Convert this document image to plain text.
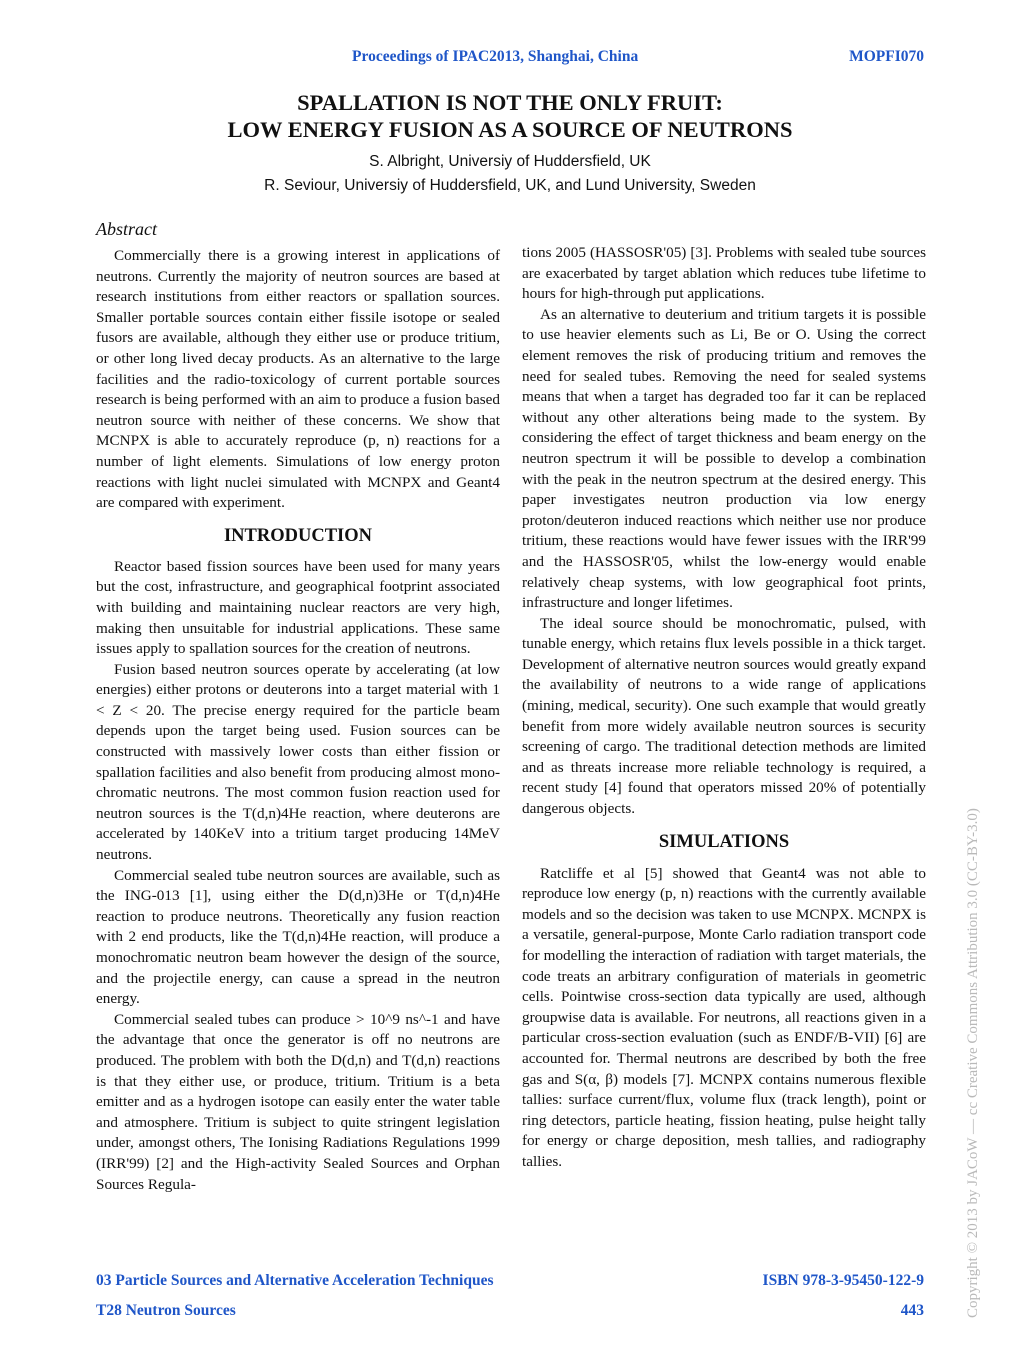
Proceedings of IPAC2013, Shanghai, China	MOPFI070
SPALLATION IS NOT THE ONLY FRUIT:
LOW ENERGY FUSION AS A SOURCE OF NEUTRONS
S. Albright, Universiy of Huddersfield, UK
R. Seviour, Universiy of Huddersfield, UK, and Lund University, Sweden
Abstract

Commercially there is a growing interest in applications of neutrons. Currently the majority of neutron sources are based at research institutions from either reactors or spallation sources. Smaller portable sources contain either fissile isotope or sealed fusors are available, although they either use or produce tritium, or other long lived decay products. As an alternative to the large facilities and the radio-toxicology of current portable sources research is being performed with an aim to produce a fusion based neutron source with neither of these concerns. We show that MCNPX is able to accurately reproduce (p, n) reactions for a number of light elements. Simulations of low energy proton reactions with light nuclei simulated with MCNPX and Geant4 are compared with experiment.

INTRODUCTION

Reactor based fission sources have been used for many years but the cost, infrastructure, and geographical footprint associated with building and maintaining nuclear reactors are very high, making then unsuitable for industrial applications. These same issues apply to spallation sources for the creation of neutrons.

Fusion based neutron sources operate by accelerating (at low energies) either protons or deuterons into a target material with 1 < Z < 20. The precise energy required for the particle beam depends upon the target being used. Fusion sources can be constructed with massively lower costs than either fission or spallation facilities and also benefit from producing almost mono-chromatic neutrons. The most common fusion reaction used for neutron sources is the T(d,n)4He reaction, where deuterons are accelerated by 140KeV into a tritium target producing 14MeV neutrons.

Commercial sealed tube neutron sources are available, such as the ING-013 [1], using either the D(d,n)3He or T(d,n)4He reaction to produce neutrons. Theoretically any fusion reaction with 2 end products, like the T(d,n)4He reaction, will produce a monochromatic neutron beam however the design of the source, and the projectile energy, can cause a spread in the neutron energy.

Commercial sealed tubes can produce > 10^9 ns^-1 and have the advantage that once the generator is off no neutrons are produced. The problem with both the D(d,n) and T(d,n) reactions is that they either use, or produce, tritium. Tritium is a beta emitter and as a hydrogen isotope can easily enter the water table and atmosphere. Tritium is subject to quite stringent legislation under, amongst others, The Ionising Radiations Regulations 1999 (IRR'99) [2] and the High-activity Sealed Sources and Orphan Sources Regula-

tions 2005 (HASSOSR'05) [3]. Problems with sealed tube sources are exacerbated by target ablation which reduces tube lifetime to hours for high-through put applications.

As an alternative to deuterium and tritium targets it is possible to use heavier elements such as Li, Be or O. Using the correct element removes the risk of producing tritium and removes the need for sealed tubes. Removing the need for sealed systems means that when a target has degraded too far it can be replaced without any other alterations being made to the system. By considering the effect of target thickness and beam energy on the neutron spectrum it will be possible to develop a combination with the peak in the neutron spectrum at the desired energy. This paper investigates neutron production via low energy proton/deuteron induced reactions which neither use nor produce tritium, these reactions would have fewer issues with the IRR'99 and the HASSOSR'05, whilst the low-energy would enable relatively cheap systems, with low geographical foot prints, infrastructure and longer lifetimes.

The ideal source should be monochromatic, pulsed, with tunable energy, which retains flux levels possible in a thick target. Development of alternative neutron sources would greatly expand the availability of neutrons to a wide range of applications (mining, medical, security). One such example that would greatly benefit from more widely available neutron sources is security screening of cargo. The traditional detection methods are limited and as threats increase more reliable technology is required, a recent study [4] found that operators missed 20% of potentially dangerous objects.

SIMULATIONS

Ratcliffe et al [5] showed that Geant4 was not able to reproduce low energy (p, n) reactions with the currently available models and so the decision was taken to use MCNPX. MCNPX is a versatile, general-purpose, Monte Carlo radiation transport code for modelling the interaction of radiation with target materials, the code treats an arbitrary configuration of materials in geometric cells. Pointwise cross-section data typically are used, although groupwise data is available. For neutrons, all reactions given in a particular cross-section evaluation (such as ENDF/B-VII) [6] are accounted for. Thermal neutrons are described by both the free gas and S(α, β) models [7]. MCNPX contains numerous flexible tallies: surface current/flux, volume flux (track length), point or ring detectors, particle heating, fission heating, pulse height tally for energy or charge deposition, mesh tallies, and radiography tallies.

03 Particle Sources and Alternative Acceleration Techniques	ISBN 978-3-95450-122-9
T28 Neutron Sources	443	Copyright © 2013 by JACoW — cc Creative Commons Attribution 3.0 (CC-BY-3.0)
